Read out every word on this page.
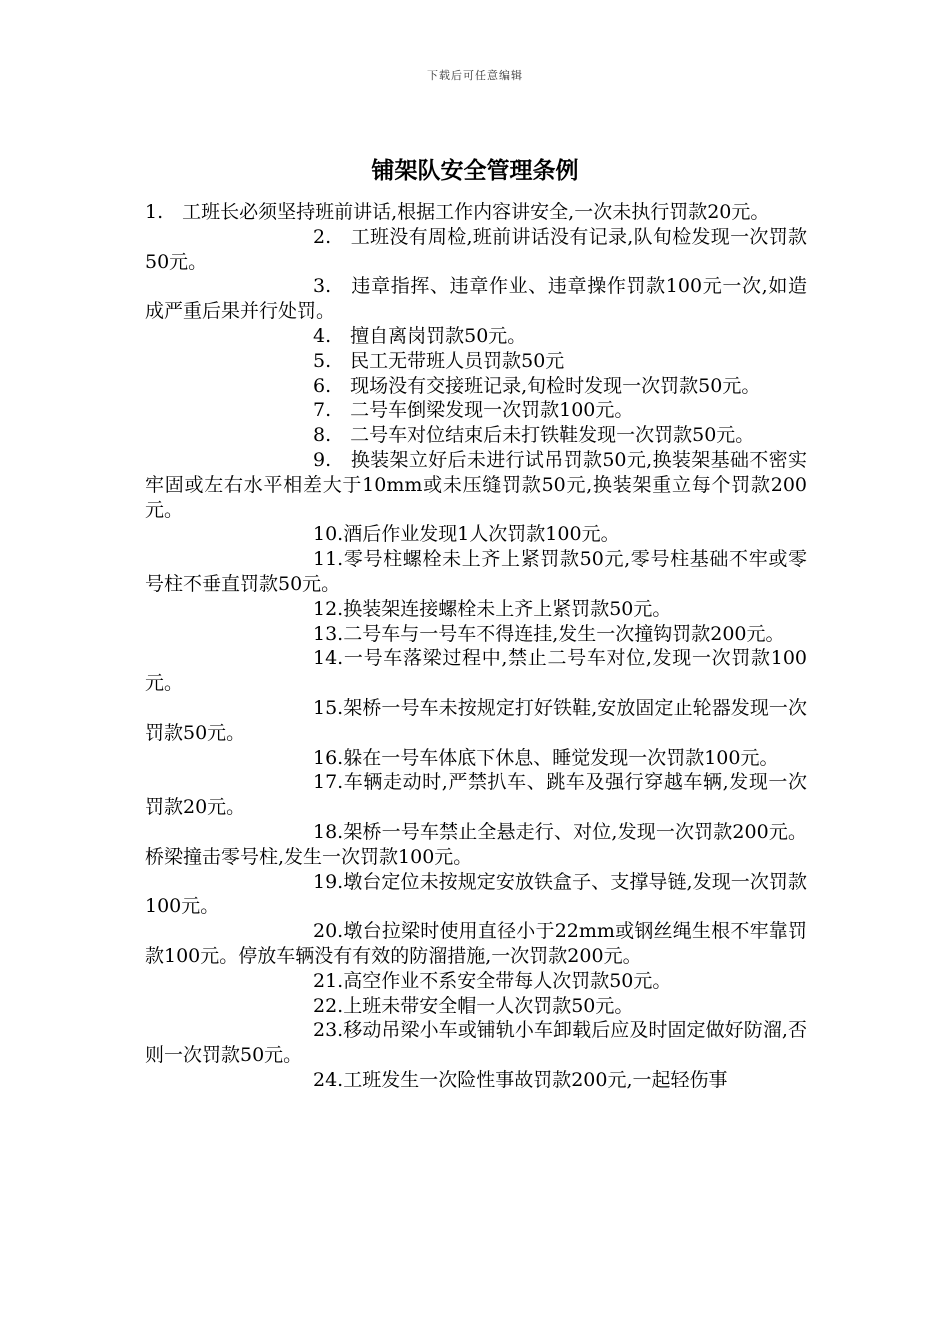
下载后可任意编辑
铺架队安全管理条例

1.　工班长必须坚持班前讲话,根据工作内容讲安全,一次未执行罚款20元。

2.　工班没有周检,班前讲话没有记录,队旬检发现一次罚款50元。

3.　违章指挥、违章作业、违章操作罚款100元一次,如造成严重后果并行处罚。

4.　擅自离岗罚款50元。

5.　民工无带班人员罚款50元

6.　现场没有交接班记录,旬检时发现一次罚款50元。

7.　二号车倒梁发现一次罚款100元。

8.　二号车对位结束后未打铁鞋发现一次罚款50元。

9.　换装架立好后未进行试吊罚款50元,换装架基础不密实牢固或左右水平相差大于10mm或未压缝罚款50元,换装架重立每个罚款200元。

10.酒后作业发现1人次罚款100元。

11.零号柱螺栓未上齐上紧罚款50元,零号柱基础不牢或零号柱不垂直罚款50元。

12.换装架连接螺栓未上齐上紧罚款50元。

13.二号车与一号车不得连挂,发生一次撞钩罚款200元。

14.一号车落梁过程中,禁止二号车对位,发现一次罚款100元。

15.架桥一号车未按规定打好铁鞋,安放固定止轮器发现一次罚款50元。

16.躲在一号车体底下休息、睡觉发现一次罚款100元。

17.车辆走动时,严禁扒车、跳车及强行穿越车辆,发现一次罚款20元。

18.架桥一号车禁止全悬走行、对位,发现一次罚款200元。桥梁撞击零号柱,发生一次罚款100元。

19.墩台定位未按规定安放铁盒子、支撑导链,发现一次罚款100元。

20.墩台拉梁时使用直径小于22mm或钢丝绳生根不牢靠罚款100元。停放车辆没有有效的防溜措施,一次罚款200元。

21.高空作业不系安全带每人次罚款50元。

22.上班未带安全帽一人次罚款50元。

23.移动吊梁小车或铺轨小车卸载后应及时固定做好防溜,否则一次罚款50元。

24.工班发生一次险性事故罚款200元,一起轻伤事
